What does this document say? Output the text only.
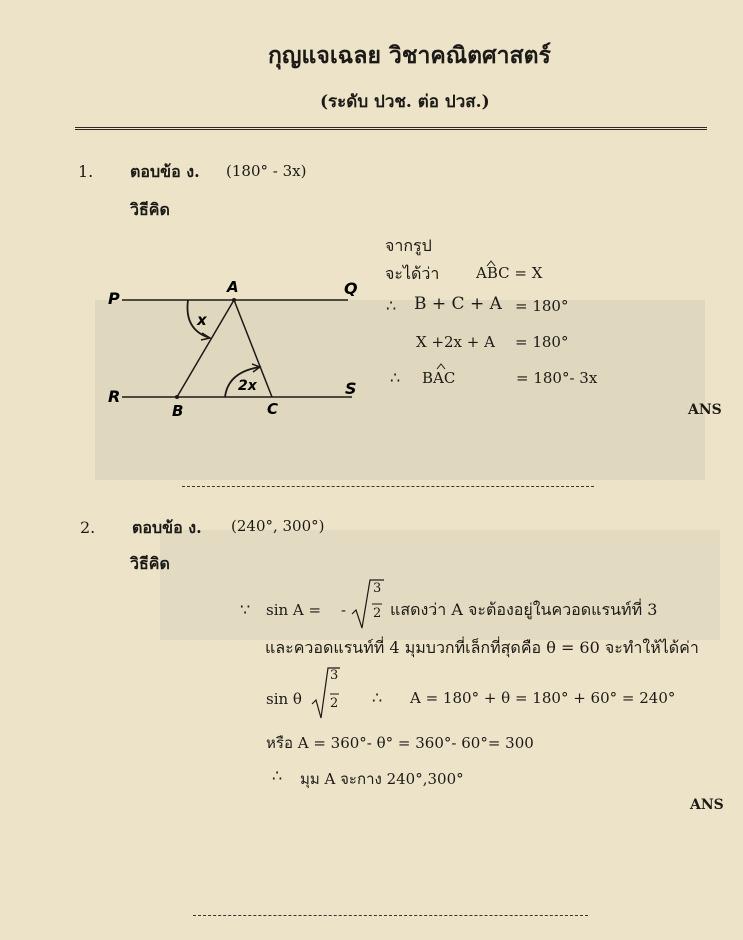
กุญแจเฉลย วิชาคณิตศาสตร์
(ระดับ ปวช. ต่อ ปวส.)
1. ตอบข้อ ง. (180° - 3x)
วิธีคิด
P
A	Q
R
B	C
S
x
2x
จากรูป
จะได้ว่า ABC = X
∴ B + C + A = 180°
X +2x + A = 180°
∴ BAC	= 180°- 3x
ANS
2. ตอบข้อ ง. (240°, 300°)
วิธีคิด
∵ sin A = -
3
2 แสดงว่า A จะต้องอยู่ในควอดแรนท์ที่ 3
และควอดแรนท์ที่ 4 มุมบวกที่เล็กที่สุดคือ θ = 60 จะทำให้ได้ค่า
sin θ
3
2 ∴ A = 180° + θ = 180° + 60° = 240°
หรือ A = 360°- θ° = 360°- 60°= 300
∴ มุม A จะกาง 240°,300°
ANS
